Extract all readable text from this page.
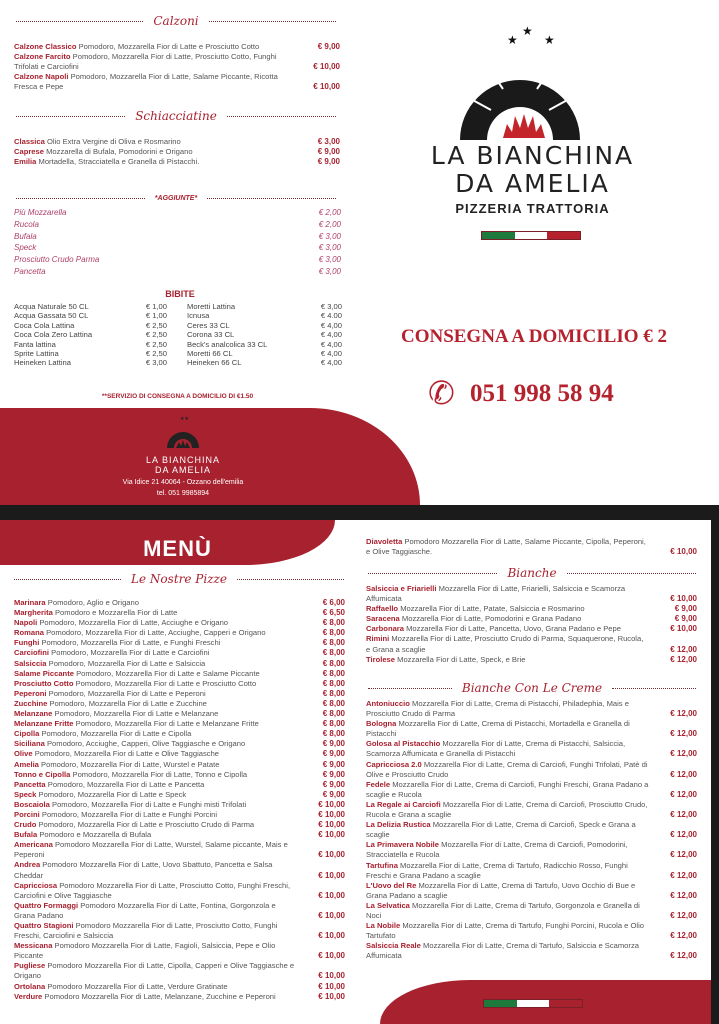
Calzoni
Calzone Classico Pomodoro, Mozzarella Fior di Latte e Prosciutto Cotto	€ 9,00
Calzone Farcito Pomodoro, Mozzarella Fior di Latte, Prosciutto Cotto, Funghi Trifolati e Carciofini	€ 10,00
Calzone Napoli Pomodoro, Mozzarella Fior di Latte, Salame Piccante, Ricotta Fresca e Pepe	€ 10,00
Schiacciatine
Classica Olio Extra Vergine di Oliva e Rosmarino	€ 3,00
Caprese Mozzarella di Bufala, Pomodorini e Origano	€ 9,00
Emilia Mortadella, Stracciatella e Granella di Pistacchi.	€ 9,00
*AGGIUNTE*
Più Mozzarella	€ 2,00
Rucola	€ 2,00
Bufala	€ 3,00
Speck	€ 3,00
Prosciutto Crudo Parma	€ 3,00
Pancetta	€ 3,00
BIBITE
Acqua Naturale 50 CL	€ 1,00
Acqua Gassata 50 CL	€ 1,00
Coca Cola Lattina	€ 2,50
Coca Cola Zero Lattina	€ 2,50
Fanta lattina	€ 2,50
Sprite Lattina	€ 2,50
Heineken Lattina	€ 3,00
Moretti Lattina	€ 3,00
Icnusa	€ 4.00
Ceres 33 CL	€ 4,00
Corona 33 CL	€ 4,00
Beck's analcolica 33 CL	€ 4,00
Moretti 66 CL	€ 4,00
Heineken 66 CL	€ 4,00
**SERVIZIO DI CONSEGNA A DOMICILIO DI €1.50
★★
LA BIANCHINA
DA AMELIA
Via Idice 21 40064 - Ozzano dell'emilia
tel. 051 9985894
★
★
★
LA BIANCHINA
DA AMELIA
PIZZERIA TRATTORIA
CONSEGNA A DOMICILIO € 2
✆ 051 998 58 94
MENÙ
Le Nostre Pizze
Marinara Pomodoro, Aglio e Origano	€ 6,00
Margherita Pomodoro e Mozzarella Fior di Latte	€ 6,50
Napoli Pomodoro, Mozzarella Fior di Latte, Acciughe e Origano	€ 8,00
Romana Pomodoro, Mozzarella Fior di Latte, Acciughe, Capperi e Origano	€ 8,00
Funghi Pomodoro, Mozzarella Fior di Latte, e Funghi Freschi	€ 8,00
Carciofini Pomodoro, Mozzarella Fior di Latte e Carciofini	€ 8,00
Salsiccia Pomodoro, Mozzarella Fior di Latte e Salsiccia	€ 8,00
Salame Piccante Pomodoro, Mozzarella Fior di Latte e Salame Piccante	€ 8,00
Prosciutto Cotto Pomodoro, Mozzarella Fior di Latte e Prosciutto Cotto	€ 8,00
Peperoni Pomodoro, Mozzarella Fior di Latte e Peperoni	€ 8,00
Zucchine Pomodoro, Mozzarella Fior di Latte e Zucchine	€ 8,00
Melanzane Pomodoro, Mozzarella Fior di Latte e Melanzane	€ 8,00
Melanzane Fritte Pomodoro, Mozzarella Fior di Latte e Melanzane Fritte	€ 8,00
Cipolla Pomodoro, Mozzarella Fior di Latte e Cipolla	€ 8,00
Siciliana Pomodoro, Acciughe, Capperi, Olive Taggiasche e Origano	€ 9,00
Olive Pomodoro, Mozzarella Fior di Latte e Olive Taggiasche	€ 9,00
Amelia Pomodoro, Mozzarella Fior di Latte, Wurstel e Patate	€ 9,00
Tonno e Cipolla Pomodoro, Mozzarella Fior di Latte, Tonno e Cipolla	€ 9,00
Pancetta Pomodoro, Mozzarella Fior di Latte e Pancetta	€ 9,00
Speck Pomodoro, Mozzarella Fior di Latte e Speck	€ 9,00
Boscaiola Pomodoro, Mozzarella Fior di Latte e Funghi misti Trifolati	€ 10,00
Porcini Pomodoro, Mozzarella Fior di Latte e Funghi Porcini	€ 10,00
Crudo Pomodoro, Mozzarella Fior di Latte e Prosciutto Crudo di Parma	€ 10,00
Bufala Pomodoro e Mozzarella di Bufala	€ 10,00
Americana Pomodoro Mozzarella Fior di Latte, Wurstel, Salame piccante, Mais e Peperoni	€ 10,00
Andrea Pomodoro Mozzarella Fior di Latte, Uovo Sbattuto, Pancetta e Salsa Cheddar	€ 10,00
Capricciosa Pomodoro Mozzarella Fior di Latte, Prosciutto Cotto, Funghi Freschi, Carciofini e Olive Taggiasche	€ 10,00
Quattro Formaggi Pomodoro Mozzarella Fior di Latte, Fontina, Gorgonzola e Grana Padano	€ 10,00
Quattro Stagioni Pomodoro Mozzarella Fior di Latte, Prosciutto Cotto, Funghi Freschi, Carciofini e Salsiccia	€ 10,00
Messicana Pomodoro Mozzarella Fior di Latte, Fagioli, Salsiccia, Pepe e Olio Piccante	€ 10,00
Pugliese Pomodoro Mozzarella Fior di Latte, Cipolla, Capperi e Olive Taggiasche e Origano	€ 10,00
Ortolana Pomodoro Mozzarella Fior di Latte, Verdure Gratinate	€ 10,00
Verdure Pomodoro Mozzarella Fior di Latte, Melanzane, Zucchine e Peperoni	€ 10,00
Diavoletta Pomodoro Mozzarella Fior di Latte, Salame Piccante, Cipolla, Peperoni, e Olive Taggiasche.	€ 10,00
Bianche
Salsiccia e Friarielli Mozzarella Fior di Latte, Friarielli, Salsiccia e Scamorza Affumicata	€ 10,00
Raffaello Mozzarella Fior di Latte, Patate, Salsiccia e Rosmarino	€ 9,00
Saracena Mozzarella Fior di Latte, Pomodorini e Grana Padano	€ 9,00
Carbonara Mozzarella Fior di Latte, Pancetta, Uovo, Grana Padano e Pepe	€ 10,00
Rimini Mozzarella Fior di Latte, Prosciutto Crudo di Parma, Squaquerone, Rucola, e Grana a scaglie	€ 12,00
Tirolese Mozzarella Fior di Latte, Speck, e Brie	€ 12,00
Bianche Con Le Creme
Antoniuccio Mozzarella Fior di Latte, Crema di Pistacchi, Philadephia, Mais e Prosciutto Crudo di Parma	€ 12,00
Bologna Mozzarella Fior di Latte, Crema di Pistacchi, Mortadella e Granella di Pistacchi	€ 12,00
Golosa al Pistacchio Mozzarella Fior di Latte, Crema di Pistacchi, Salsiccia, Scamorza Affumicata e Granella di Pistacchi	€ 12,00
Capricciosa 2.0 Mozzarella Fior di Latte, Crema di Carciofi, Funghi Trifolati, Patè di Olive e Prosciutto Crudo	€ 12,00
Fedele Mozzarella Fior di Latte, Crema di Carciofi, Funghi Freschi, Grana Padano a scaglie e Rucola	€ 12,00
La Regale ai Carciofi Mozzarella Fior di Latte, Crema di Carciofi, Prosciutto Crudo, Rucola e Grana a scaglie	€ 12,00
La Delizia Rustica Mozzarella Fior di Latte, Crema di Carciofi, Speck e Grana a scaglie	€ 12,00
La Primavera Nobile Mozzarella Fior di Latte, Crema di Carciofi, Pomodorini, Stracciatella e Rucola	€ 12,00
Tartufina Mozzarella Fior di Latte, Crema di Tartufo, Radicchio Rosso, Funghi Freschi e Grana Padano a scaglie	€ 12,00
L'Uovo del Re Mozzarella Fior di Latte, Crema di Tartufo, Uovo Occhio di Bue e Grana Padano a scaglie	€ 12,00
La Selvatica Mozzarella Fior di Latte, Crema di Tartufo, Gorgonzola e Granella di Noci	€ 12,00
La Nobile Mozzarella Fior di Latte, Crema di Tartufo, Funghi Porcini, Rucola e Olio Tartufato	€ 12,00
Salsiccia Reale Mozzarella Fior di Latte, Crema di Tartufo, Salsiccia e Scamorza Affumicata	€ 12,00
